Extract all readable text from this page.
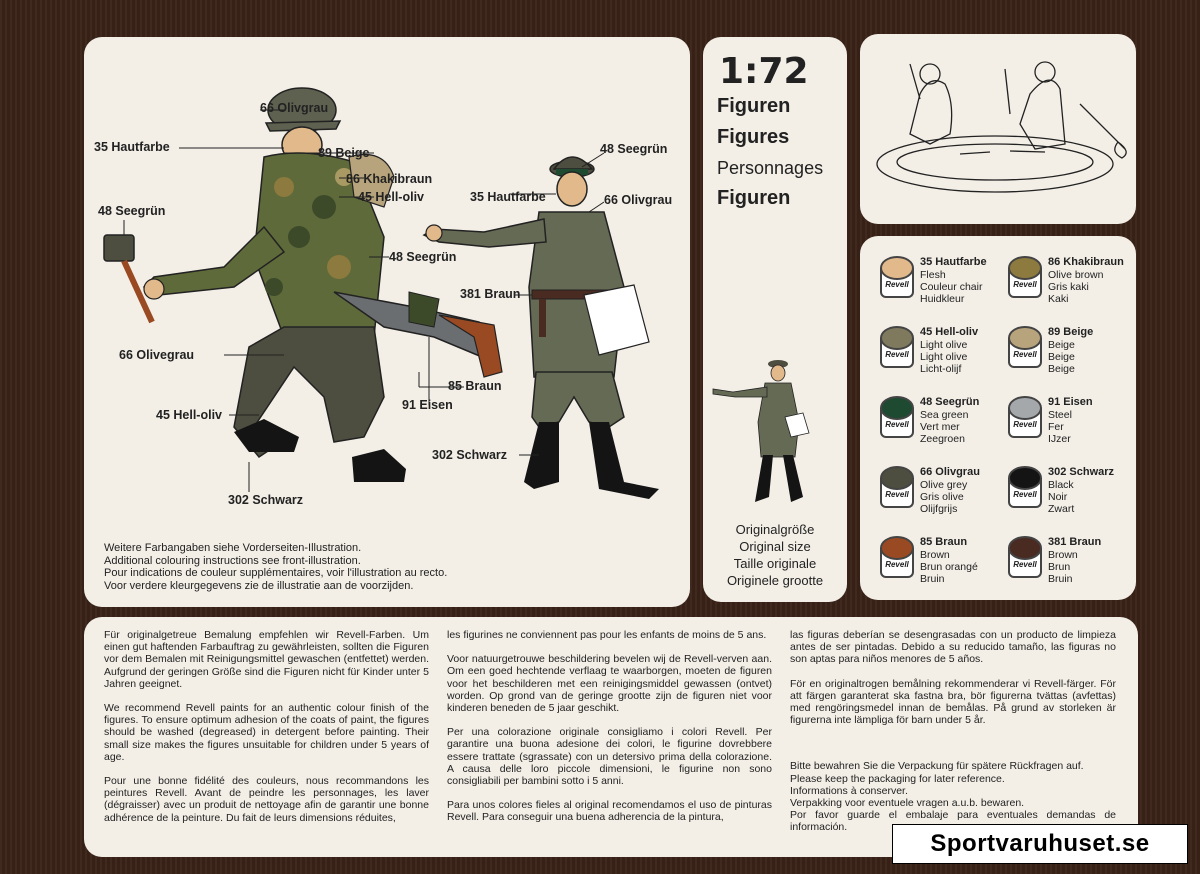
66 Olivgrau
35 Hautfarbe	89 Beige
86 Khakibraun
45 Hell-oliv
48 Seegrün
48 Seegrün
66 Olivegrau
45 Hell-oliv
302 Schwarz
48 Seegrün
35 Hautfarbe	66 Olivgrau
381 Braun
85 Braun
91 Eisen
302 Schwarz
Weitere Farbangaben siehe Vorderseiten-Illustration.
Additional colouring instructions see front-illustration.
Pour indications de couleur supplémentaires, voir l'illustration au recto.
Voor verdere kleurgegevens zie de illustratie aan de voorzijden.
1:72
Figuren
Figures
Personnages
Figuren
Originalgröße
Original size
Taille originale
Originele grootte
Revell
35 Hautfarbe
Flesh
Couleur chair
Huidkleur
Revell
86 Khakibraun
Olive brown
Gris kaki
Kaki
Revell
45 Hell-oliv
Light olive
Light olive
Licht-olijf
Revell
89 Beige
Beige
Beige
Beige
Revell
48 Seegrün
Sea green
Vert mer
Zeegroen
Revell
91 Eisen
Steel
Fer
IJzer
Revell
66 Olivgrau
Olive grey
Gris olive
Olijfgrijs
Revell
302 Schwarz
Black
Noir
Zwart
Revell
85 Braun
Brown
Brun orangé
Bruin
Revell
381 Braun
Brown
Brun
Bruin

Für originalgetreue Bemalung empfehlen wir Revell-Farben. Um einen gut haftenden Farbauftrag zu gewährleisten, sollten die Figuren vor dem Bemalen mit Reinigungsmittel gewaschen (entfettet) werden. Aufgrund der geringen Größe sind die Figuren nicht für Kinder unter 5 Jahren geeignet.

We recommend Revell paints for an authentic colour finish of the figures. To ensure optimum adhesion of the coats of paint, the figures should be washed (degreased) in detergent before painting. Their small size makes the figures unsuitable for children under 5 years of age.

Pour une bonne fidélité des couleurs, nous recommandons les peintures Revell. Avant de peindre les personnages, les laver (dégraisser) avec un produit de nettoyage afin de garantir une bonne adhérence de la peinture. Du fait de leurs dimensions réduites,

les figurines ne conviennent pas pour les enfants de moins de 5 ans.

Voor natuurgetrouwe beschildering bevelen wij de Revell-verven aan. Om een goed hechtende verflaag te waarborgen, moeten de figuren voor het beschilderen met een reinigingsmiddel gewassen (ontvet) worden. Op grond van de geringe grootte zijn de figuren niet voor kinderen beneden de 5 jaar geschikt.

Per una colorazione originale consigliamo i colori Revell. Per garantire una buona adesione dei colori, le figurine dovrebbere essere trattate (sgrassate) con un detersivo prima della colorazione. A causa delle loro piccole dimensioni, le figurine non sono consigliabili per bambini sotto i 5 anni.

Para unos colores fieles al original recomendamos el uso de pinturas Revell. Para conseguir una buena adherencia de la pintura,

las figuras deberían se desengrasadas con un producto de limpieza antes de ser pintadas. Debido a su reducido tamaño, las figuras no son aptas para niños menores de 5 años.

För en originaltrogen bemålning rekommenderar vi Revell-färger. För att färgen garanterat ska fastna bra, bör figurerna tvättas (avfettas) med rengöringsmedel innan de bemålas. På grund av storleken är figurerna inte lämpliga för barn under 5 år.

Bitte bewahren Sie die Verpackung für spätere Rückfragen auf.
Please keep the packaging for later reference.
Informations à conserver.
Verpakking voor eventuele vragen a.u.b. bewaren.
Por favor guarde el embalaje para eventuales demandas de información.
Sportvaruhuset.se
